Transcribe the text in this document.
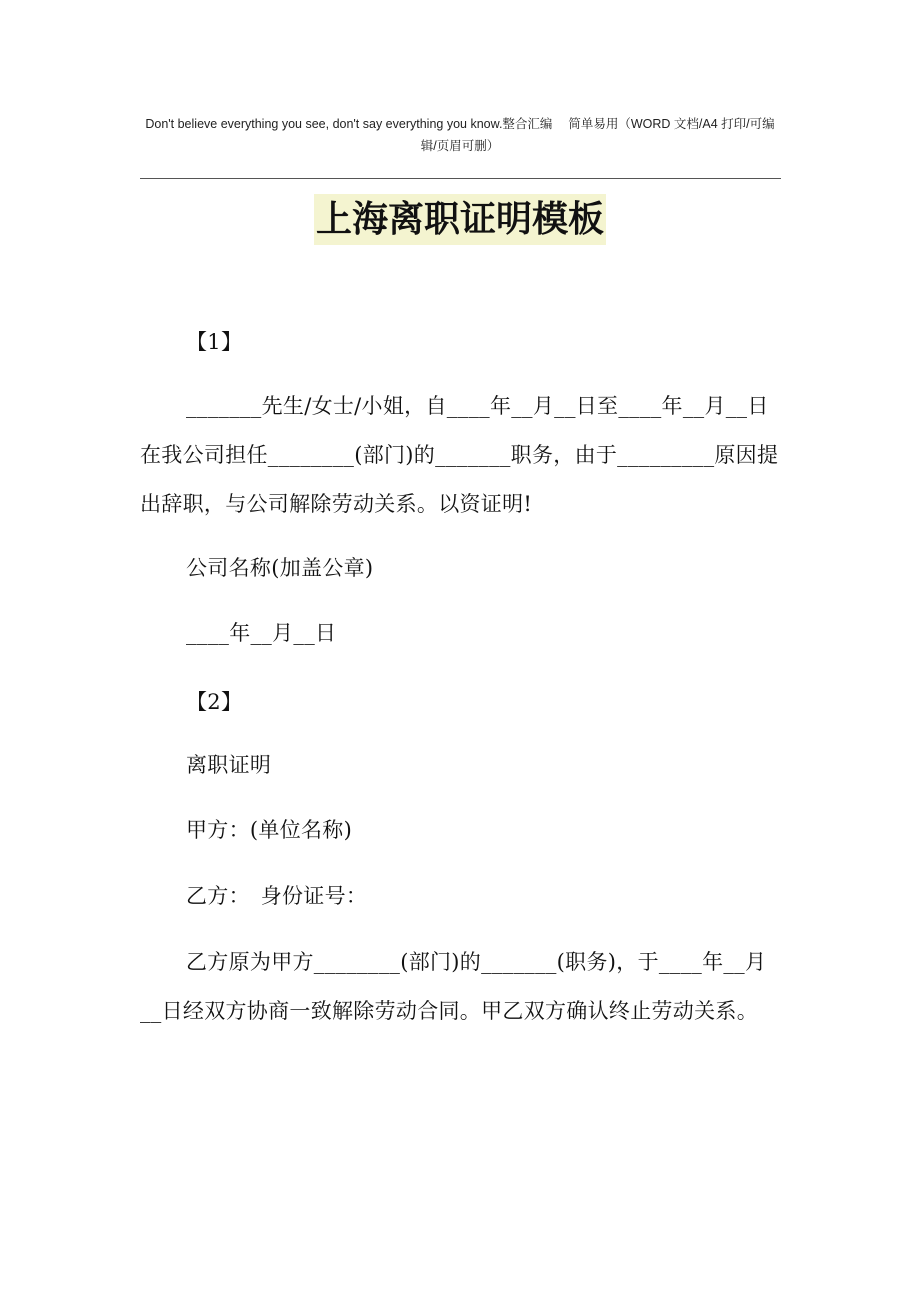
Don't believe everything you see, don't say everything you know.整合汇编 　简单易用（WORD 文档/A4 打印/可编辑/页眉可删）
上海离职证明模板

【1】

_______先生/女士/小姐，自____年__月__日至____年__月__日在我公司担任________(部门)的_______职务，由于_________原因提出辞职，与公司解除劳动关系。以资证明!

公司名称(加盖公章)

____年__月__日

【2】

离职证明

甲方：(单位名称)

乙方：　身份证号：

乙方原为甲方________(部门)的_______(职务)，于____年__月__日经双方协商一致解除劳动合同。甲乙双方确认终止劳动关系。
